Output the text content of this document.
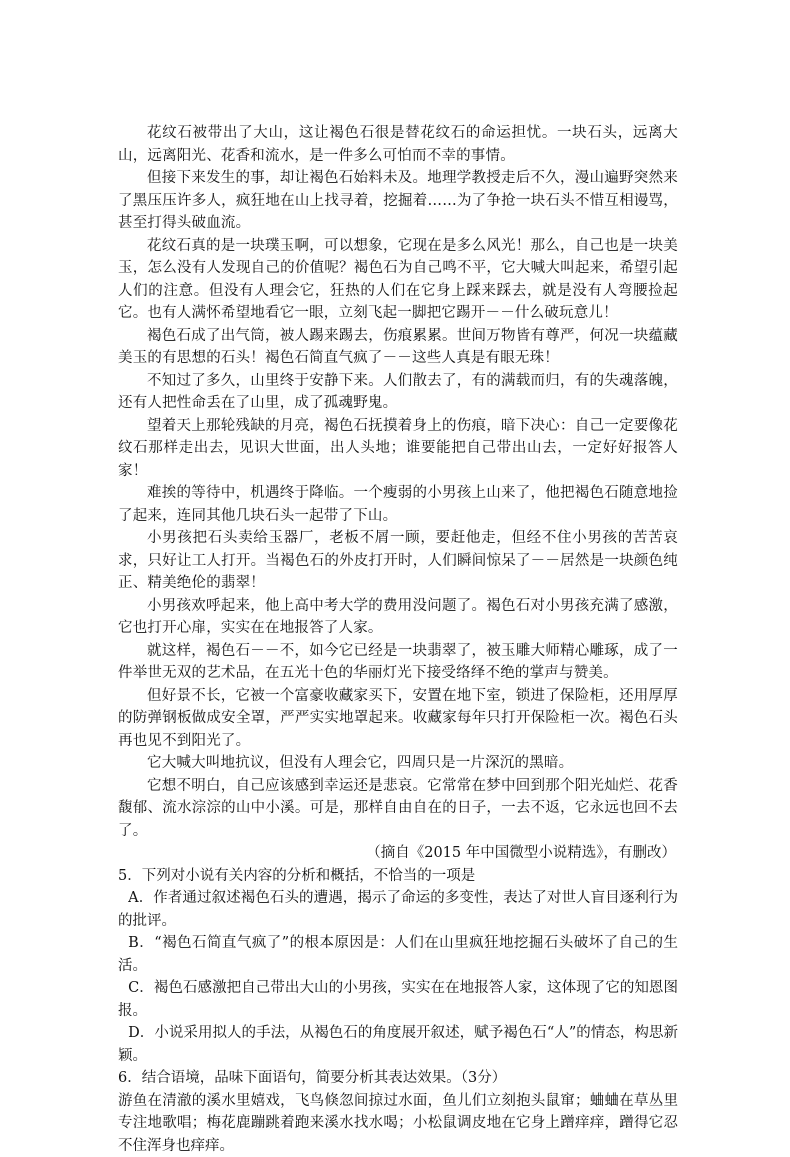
花纹石被带出了大山，这让褐色石很是替花纹石的命运担忧。一块石头，远离大山，远离阳光、花香和流水，是一件多么可怕而不幸的事情。

但接下来发生的事，却让褐色石始料未及。地理学教授走后不久，漫山遍野突然来了黑压压许多人，疯狂地在山上找寻着，挖掘着……为了争抢一块石头不惜互相谩骂，甚至打得头破血流。

花纹石真的是一块璞玉啊，可以想象，它现在是多么风光！那么，自己也是一块美玉，怎么没有人发现自己的价值呢？褐色石为自己鸣不平，它大喊大叫起来，希望引起人们的注意。但没有人理会它，狂热的人们在它身上踩来踩去，就是没有人弯腰捡起它。也有人满怀希望地看它一眼，立刻飞起一脚把它踢开－－什么破玩意儿！

褐色石成了出气筒，被人踢来踢去，伤痕累累。世间万物皆有尊严，何况一块蕴藏美玉的有思想的石头！褐色石简直气疯了－－这些人真是有眼无珠！

不知过了多久，山里终于安静下来。人们散去了，有的满载而归，有的失魂落魄，还有人把性命丢在了山里，成了孤魂野鬼。

望着天上那轮残缺的月亮，褐色石抚摸着身上的伤痕，暗下决心：自己一定要像花纹石那样走出去，见识大世面，出人头地；谁要能把自己带出山去，一定好好报答人家！

难挨的等待中，机遇终于降临。一个瘦弱的小男孩上山来了，他把褐色石随意地捡了起来，连同其他几块石头一起带了下山。

小男孩把石头卖给玉器厂，老板不屑一顾，要赶他走，但经不住小男孩的苦苦哀求，只好让工人打开。当褐色石的外皮打开时，人们瞬间惊呆了－－居然是一块颜色纯正、精美绝伦的翡翠！

小男孩欢呼起来，他上高中考大学的费用没问题了。褐色石对小男孩充满了感激，它也打开心扉，实实在在地报答了人家。

就这样，褐色石－－不，如今它已经是一块翡翠了，被玉雕大师精心雕琢，成了一件举世无双的艺术品，在五光十色的华丽灯光下接受络绎不绝的掌声与赞美。

但好景不长，它被一个富豪收藏家买下，安置在地下室，锁进了保险柜，还用厚厚的防弹钢板做成安全罩，严严实实地罩起来。收藏家每年只打开保险柜一次。褐色石头再也见不到阳光了。

它大喊大叫地抗议，但没有人理会它，四周只是一片深沉的黑暗。

它想不明白，自己应该感到幸运还是悲哀。它常常在梦中回到那个阳光灿烂、花香馥郁、流水淙淙的山中小溪。可是，那样自由自在的日子，一去不返，它永远也回不去了。

（摘自《2015 年中国微型小说精选》，有删改）

5．下列对小说有关内容的分析和概括，不恰当的一项是

A．作者通过叙述褐色石头的遭遇，揭示了命运的多变性，表达了对世人盲目逐利行为的批评。

B．“褐色石简直气疯了”的根本原因是：人们在山里疯狂地挖掘石头破坏了自己的生活。

C．褐色石感激把自己带出大山的小男孩，实实在在地报答人家，这体现了它的知恩图报。

D．小说采用拟人的手法，从褐色石的角度展开叙述，赋予褐色石“人”的情态，构思新颖。

6．结合语境，品味下面语句，简要分析其表达效果。（3分）

游鱼在清澈的溪水里嬉戏，飞鸟倏忽间掠过水面，鱼儿们立刻抱头鼠窜；蛐蛐在草丛里专注地歌唱；梅花鹿蹦跳着跑来溪水找水喝；小松鼠调皮地在它身上蹭痒痒，蹭得它忍不住浑身也痒痒。
